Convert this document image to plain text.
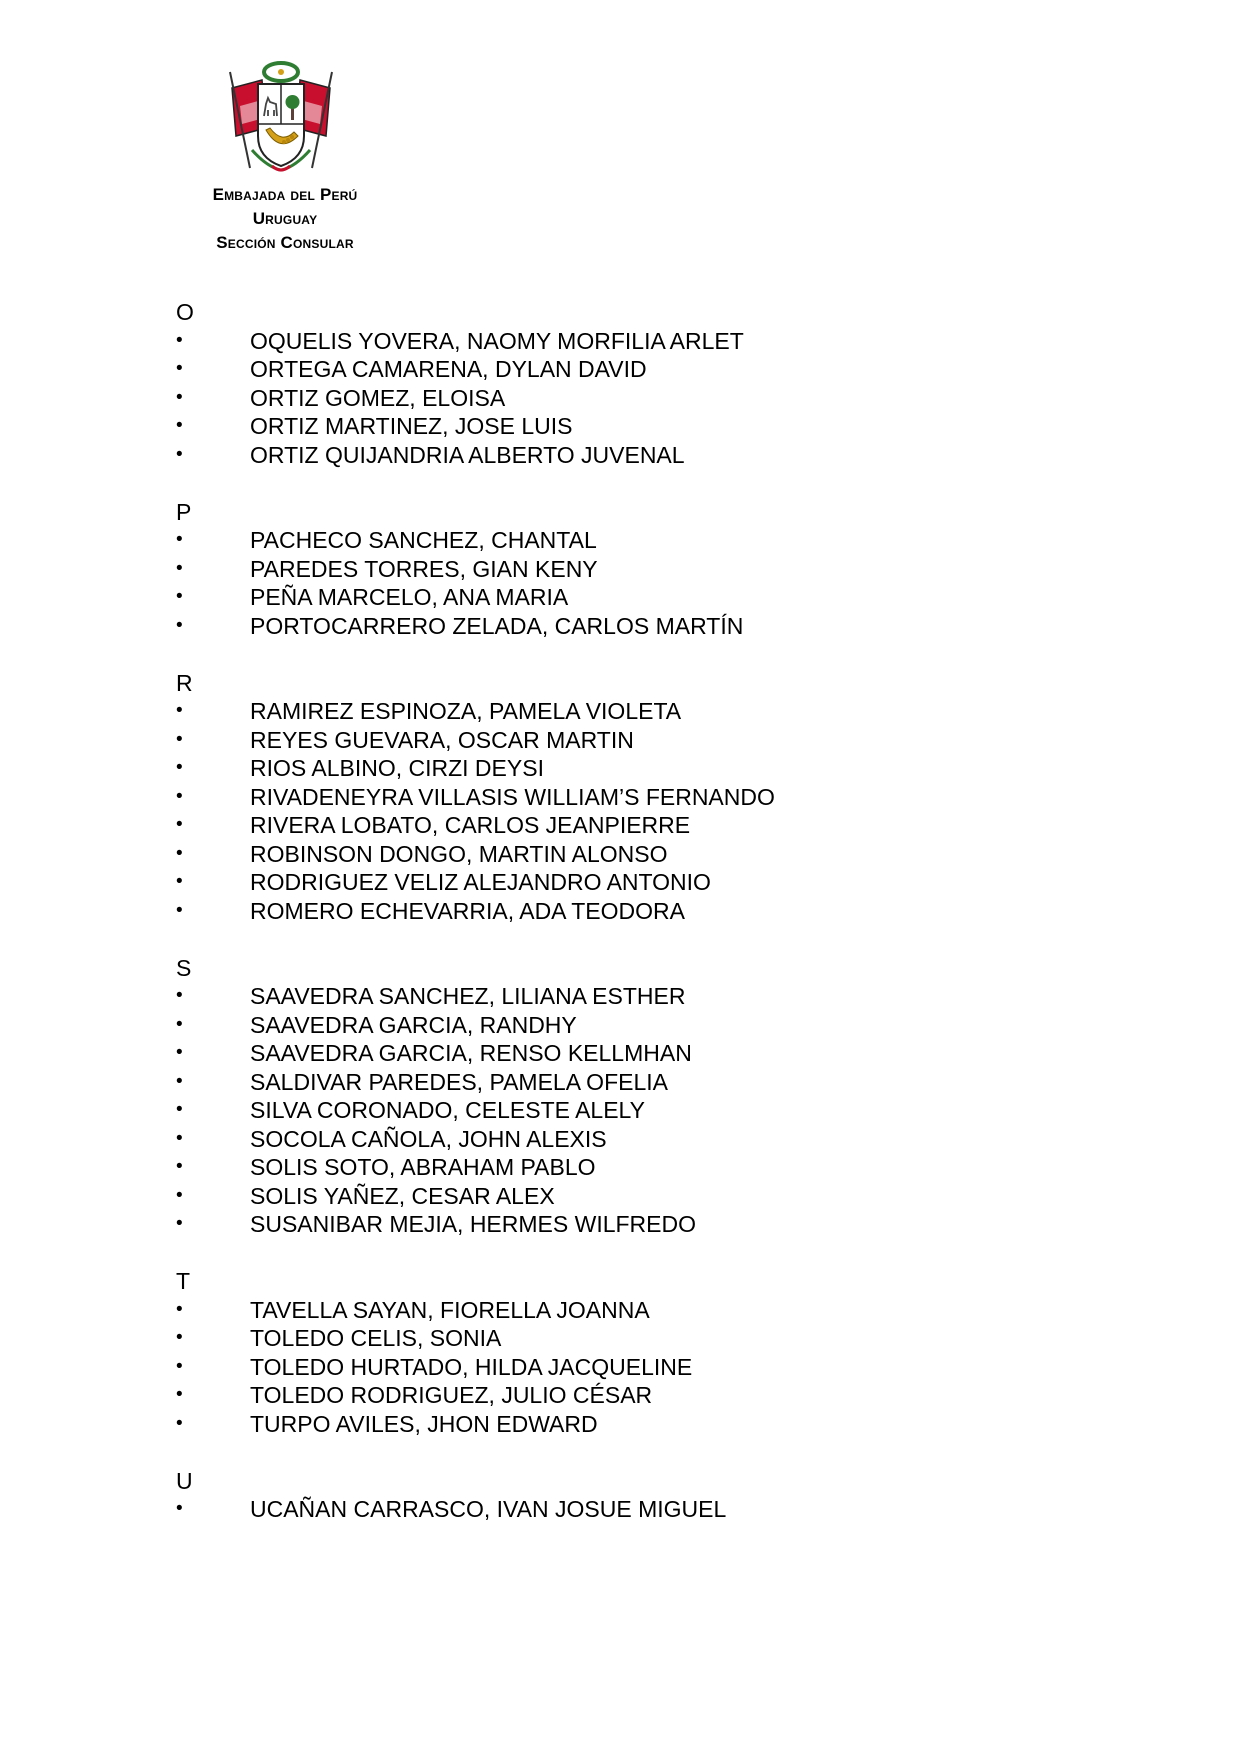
Embajada del Perú
Uruguay
Sección Consular
O
•	OQUELIS YOVERA, NAOMY MORFILIA ARLET
•	ORTEGA CAMARENA, DYLAN DAVID
•	ORTIZ GOMEZ, ELOISA
•	ORTIZ MARTINEZ, JOSE LUIS
•	ORTIZ QUIJANDRIA ALBERTO JUVENAL
P
•	PACHECO SANCHEZ, CHANTAL
•	PAREDES TORRES, GIAN KENY
•	PEÑA MARCELO, ANA MARIA
•	PORTOCARRERO ZELADA, CARLOS MARTÍN
R
•	RAMIREZ ESPINOZA, PAMELA VIOLETA
•	REYES GUEVARA, OSCAR MARTIN
•	RIOS ALBINO, CIRZI DEYSI
•	RIVADENEYRA VILLASIS WILLIAM’S FERNANDO
•	RIVERA LOBATO, CARLOS JEANPIERRE
•	ROBINSON DONGO, MARTIN ALONSO
•	RODRIGUEZ VELIZ ALEJANDRO ANTONIO
•	ROMERO ECHEVARRIA, ADA TEODORA
S
•	SAAVEDRA SANCHEZ, LILIANA ESTHER
•	SAAVEDRA GARCIA, RANDHY
•	SAAVEDRA GARCIA, RENSO KELLMHAN
•	SALDIVAR PAREDES, PAMELA OFELIA
•	SILVA CORONADO, CELESTE ALELY
•	SOCOLA CAÑOLA, JOHN ALEXIS
•	SOLIS SOTO, ABRAHAM PABLO
•	SOLIS YAÑEZ, CESAR ALEX
•	SUSANIBAR MEJIA, HERMES WILFREDO
T
•	TAVELLA SAYAN, FIORELLA JOANNA
•	TOLEDO CELIS, SONIA
•	TOLEDO HURTADO, HILDA JACQUELINE
•	TOLEDO RODRIGUEZ, JULIO CÉSAR
•	TURPO AVILES, JHON EDWARD
U
•	UCAÑAN CARRASCO, IVAN JOSUE MIGUEL
